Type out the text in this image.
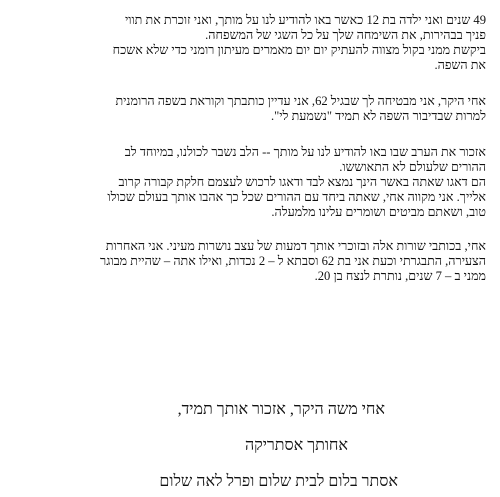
49 שנים ואני ילדה בת 12 כאשר באו להודיע לנו על מותך, ואני זוכרת את תווי

פניך בבהירות, את השימחה שלך על כל השגי של המשפחה.

ביקשת ממני בקול מצווה להעתיק יום יום מאמרים מעיתון רומני כדי שלא אשכח

את השפה.

אחי היקר, אני מבטיחה לך שבגיל 62, אני עדיין כותבתך וקוראת בשפה הרומנית

למרות שבדיבור השפה לא תמיד "נשמעת לי".

אזכור את הערב שבו באו להודיע לנו על מותך -- הלב נשבר לכולנו, במיוחד לב

ההורים שלעולם לא התאוששו.

הם דאגו שאתה באשר הינך נמצא לבד ודאגו לרכוש לעצמם חלקת קבורה קרוב

אלייך. אני מקווה אחי, שאתה ביחד עם ההורים שכל כך אהבו אותך בעולם שכולו

טוב, ושאתם מביטים ושומרים עלינו מלמעלה.

אחי, בכותבי שורות אלה ובזוכרי אותך דמעות של עצב נושרות מעיני. אני האחרות

הצעירה, התבגרתי וכעת אני בת 62 וסבתא ל – 2 נכדות, ואילו אתה – שהיית מבוגר

ממני ב – 7 שנים, נותרת לנצח בן 20.

אחי משה היקר, אזכור אותך תמיד,

אחותך אסתריקה

אסתר בלום לבית שלום ופרל לאה שלום
